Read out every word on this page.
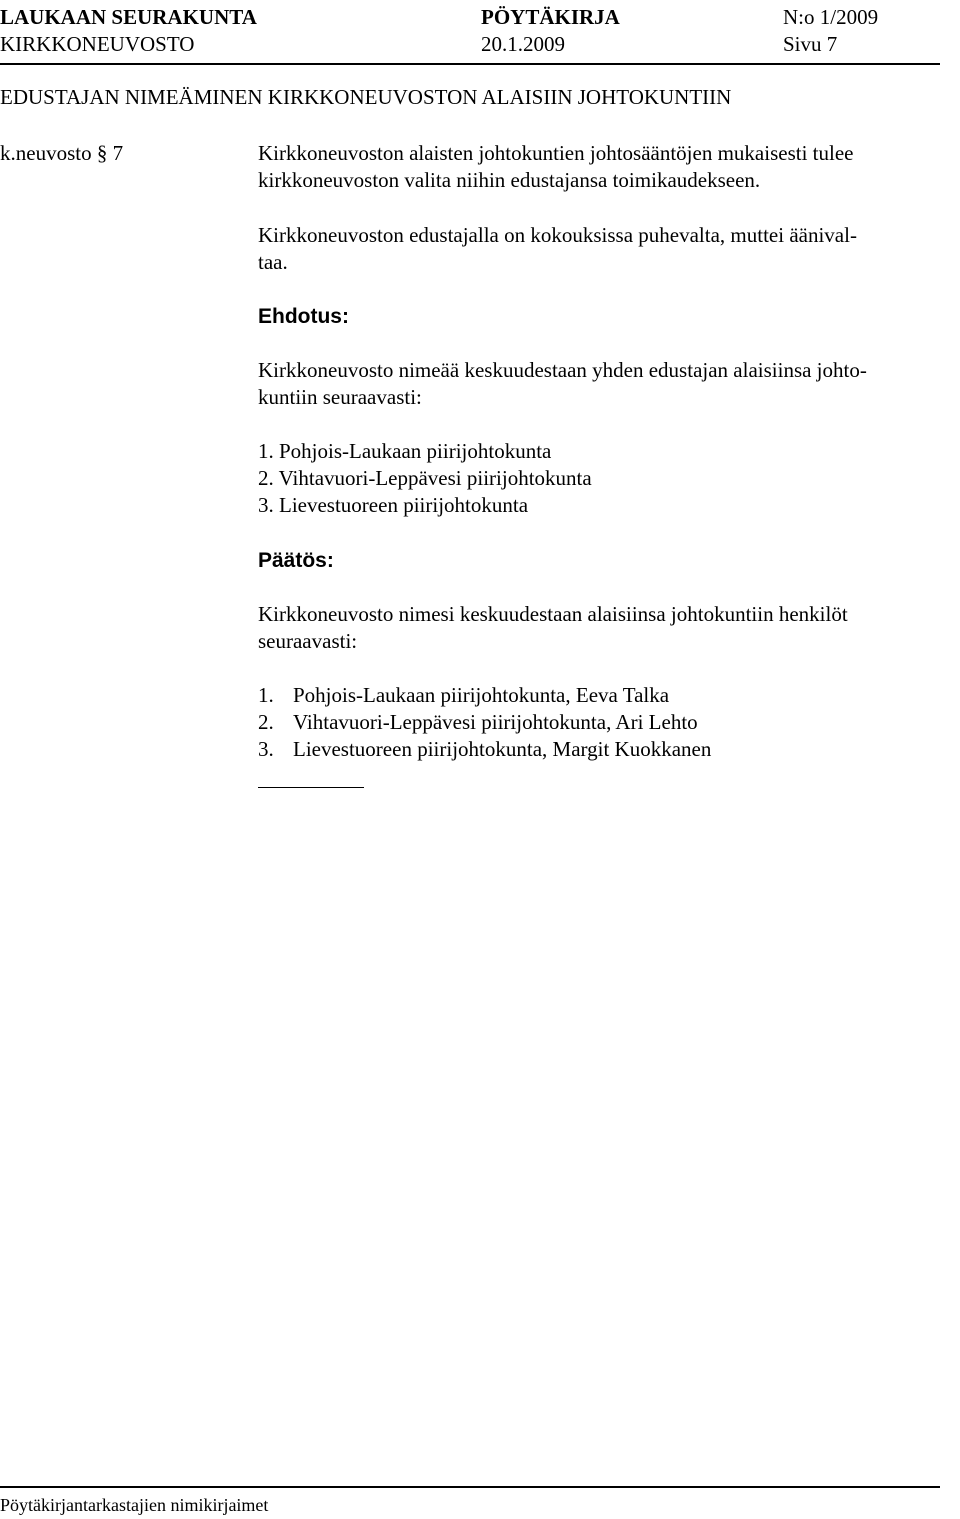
LAUKAAN SEURAKUNTA	PÖYTÄKIRJA	N:o 1/2009
KIRKKONEUVOSTO	20.1.2009	Sivu 7
EDUSTAJAN NIMEÄMINEN KIRKKONEUVOSTON ALAISIIN JOHTOKUNTIIN
k.neuvosto § 7	Kirkkoneuvoston alaisten johtokuntien johtosääntöjen mukaisesti tulee
kirkkoneuvoston valita niihin edustajansa toimikaudekseen.
Kirkkoneuvoston edustajalla on kokouksissa puhevalta, muttei äänival-
taa.
Ehdotus:
Kirkkoneuvosto nimeää keskuudestaan yhden edustajan alaisiinsa johto-
kuntiin seuraavasti:
1. Pohjois-Laukaan piirijohtokunta
2. Vihtavuori-Leppävesi piirijohtokunta
3. Lievestuoreen piirijohtokunta
Päätös:
Kirkkoneuvosto nimesi keskuudestaan alaisiinsa johtokuntiin henkilöt
seuraavasti:
1. Pohjois-Laukaan piirijohtokunta, Eeva Talka
2. Vihtavuori-Leppävesi piirijohtokunta, Ari Lehto
3. Lievestuoreen piirijohtokunta, Margit Kuokkanen
Pöytäkirjantarkastajien nimikirjaimet
